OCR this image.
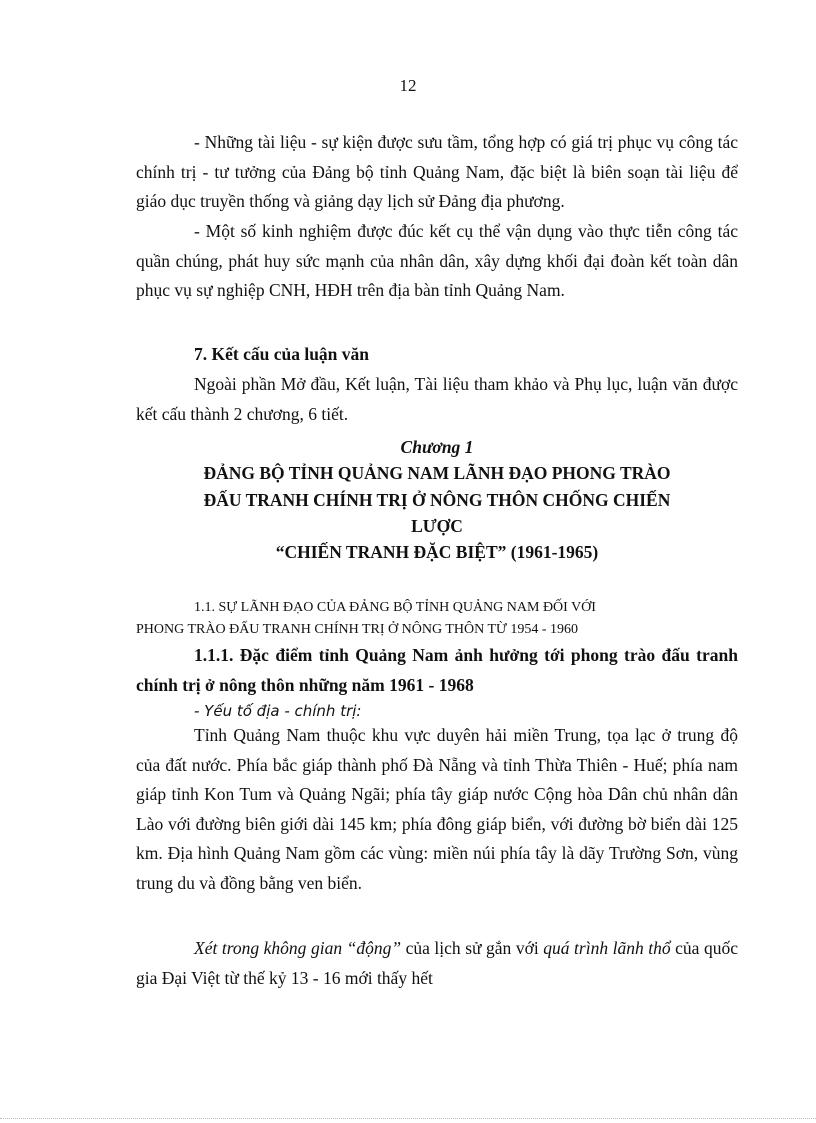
12

- Những tài liệu - sự kiện được sưu tầm, tổng hợp có giá trị phục vụ công tác chính trị - tư tưởng của Đảng bộ tỉnh Quảng Nam, đặc biệt là biên soạn tài liệu để giáo dục truyền thống và giảng dạy lịch sử Đảng địa phương.

- Một số kinh nghiệm được đúc kết cụ thể vận dụng vào thực tiễn công tác quần chúng, phát huy sức mạnh của nhân dân, xây dựng khối đại đoàn kết toàn dân phục vụ sự nghiệp CNH, HĐH trên địa bàn tỉnh Quảng Nam.

7. Kết cấu của luận văn

Ngoài phần Mở đầu, Kết luận, Tài liệu tham khảo và Phụ lục, luận văn được kết cấu thành 2 chương, 6 tiết.

Chương 1

ĐẢNG BỘ TỈNH QUẢNG NAM LÃNH ĐẠO PHONG TRÀO

ĐẤU TRANH CHÍNH TRỊ Ở NÔNG THÔN CHỐNG CHIẾN

LƯỢC

“CHIẾN TRANH ĐẶC BIỆT” (1961-1965)

1.1. SỰ LÃNH ĐẠO CỦA ĐẢNG BỘ TỈNH QUẢNG NAM ĐỐI VỚI

PHONG TRÀO ĐẤU TRANH CHÍNH TRỊ Ở NÔNG THÔN TỪ 1954 - 1960

1.1.1. Đặc điểm tỉnh Quảng Nam ảnh hưởng tới phong trào đấu tranh chính trị ở nông thôn những năm 1961 - 1968

- Yếu tố địa - chính trị:

Tỉnh Quảng Nam thuộc khu vực duyên hải miền Trung, tọa lạc ở trung độ của đất nước. Phía bắc giáp thành phố Đà Nẵng và tỉnh Thừa Thiên - Huế; phía nam giáp tỉnh Kon Tum và Quảng Ngãi; phía tây giáp nước Cộng hòa Dân chủ nhân dân Lào với đường biên giới dài 145 km; phía đông giáp biển, với đường bờ biển dài 125 km. Địa hình Quảng Nam gồm các vùng: miền núi phía tây là dãy Trường Sơn, vùng trung du và đồng bằng ven biển.

Xét trong không gian “động” của lịch sử gắn với quá trình lãnh thổ của quốc gia Đại Việt từ thế kỷ 13 - 16 mới thấy hết
